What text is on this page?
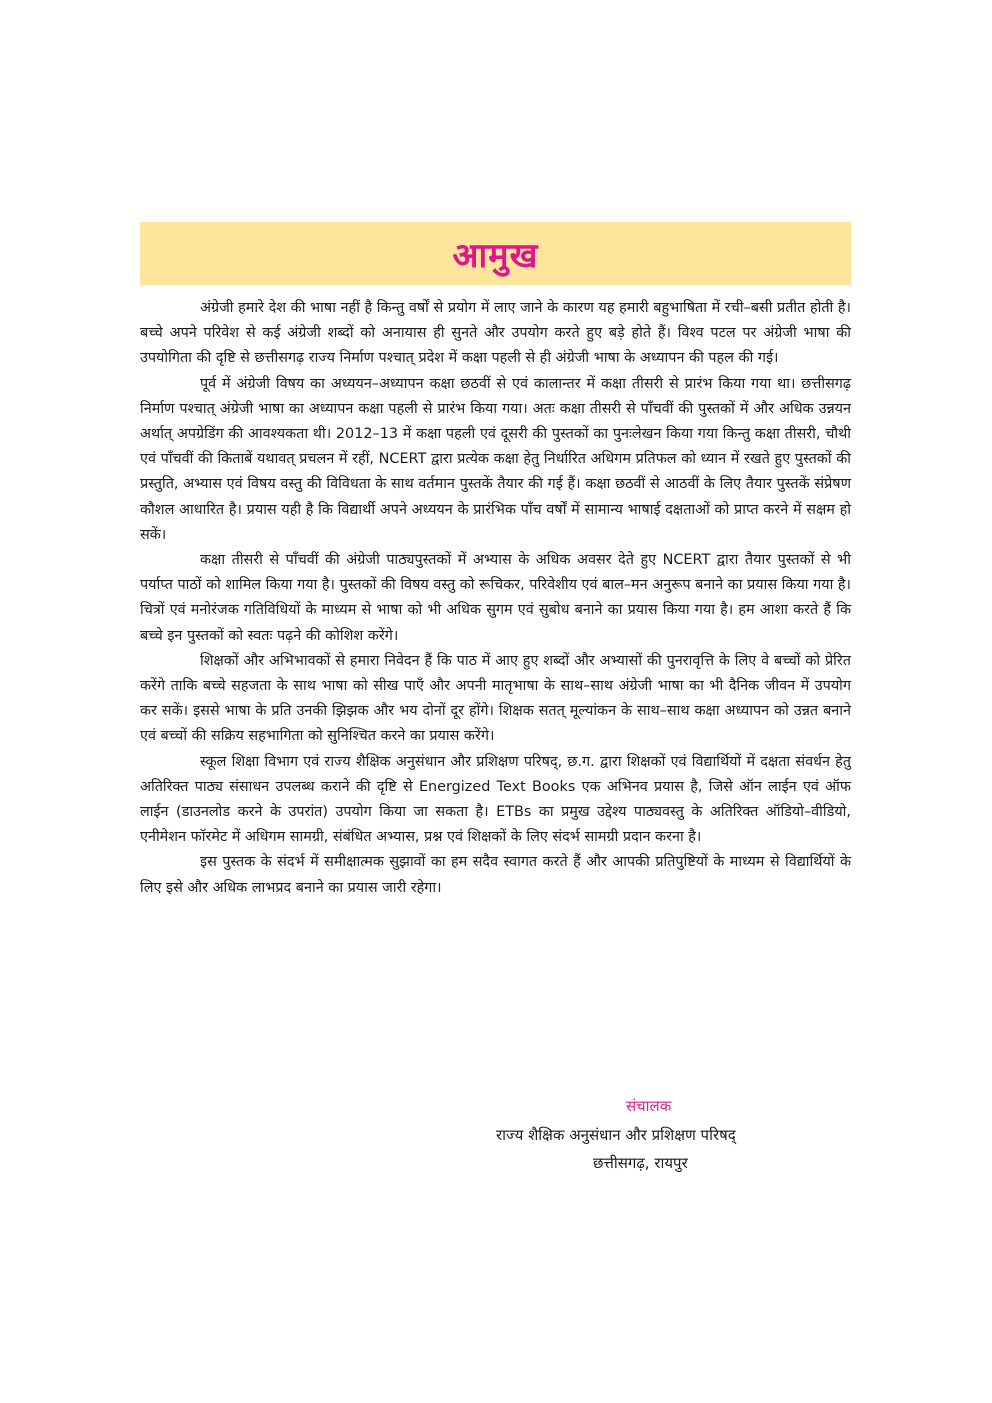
आमुख

अंग्रेजी हमारे देश की भाषा नहीं है किन्तु वर्षों से प्रयोग में लाए जाने के कारण यह हमारी बहुभाषिता में रची–बसी प्रतीत होती है। बच्चे अपने परिवेश से कई अंग्रेजी शब्दों को अनायास ही सुनते और उपयोग करते हुए बड़े होते हैं। विश्व पटल पर अंग्रेजी भाषा की उपयोगिता की दृष्टि से छत्तीसगढ़ राज्य निर्माण पश्चात् प्रदेश में कक्षा पहली से ही अंग्रेजी भाषा के अध्यापन की पहल की गई।

पूर्व में अंग्रेजी विषय का अध्ययन–अध्यापन कक्षा छठवीं से एवं कालान्तर में कक्षा तीसरी से प्रारंभ किया गया था। छत्तीसगढ़ निर्माण पश्चात् अंग्रेजी भाषा का अध्यापन कक्षा पहली से प्रारंभ किया गया। अतः कक्षा तीसरी से पाँचवीं की पुस्तकों में और अधिक उन्नयन अर्थात् अपग्रेडिंग की आवश्यकता थी। 2012–13 में कक्षा पहली एवं दूसरी की पुस्तकों का पुनःलेखन किया गया किन्तु कक्षा तीसरी, चौथी एवं पाँचवीं की किताबें यथावत् प्रचलन में रहीं, NCERT द्वारा प्रत्येक कक्षा हेतु निर्धारित अधिगम प्रतिफल को ध्यान में रखते हुए पुस्तकों की प्रस्तुति, अभ्यास एवं विषय वस्तु की विविधता के साथ वर्तमान पुस्तकें तैयार की गई हैं। कक्षा छठवीं से आठवीं के लिए तैयार पुस्तकें संप्रेषण कौशल आधारित है। प्रयास यही है कि विद्यार्थी अपने अध्ययन के प्रारंभिक पाँच वर्षों में सामान्य भाषाई दक्षताओं को प्राप्त करने में सक्षम हो सकें।

कक्षा तीसरी से पाँचवीं की अंग्रेजी पाठ्यपुस्तकों में अभ्यास के अधिक अवसर देते हुए NCERT द्वारा तैयार पुस्तकों से भी पर्याप्त पाठों को शामिल किया गया है। पुस्तकों की विषय वस्तु को रूचिकर, परिवेशीय एवं बाल–मन अनुरूप बनाने का प्रयास किया गया है। चित्रों एवं मनोरंजक गतिविधियों के माध्यम से भाषा को भी अधिक सुगम एवं सुबोध बनाने का प्रयास किया गया है। हम आशा करते हैं कि बच्चे इन पुस्तकों को स्वतः पढ़ने की कोशिश करेंगे।

शिक्षकों और अभिभावकों से हमारा निवेदन हैं कि पाठ में आए हुए शब्दों और अभ्यासों की पुनरावृत्ति के लिए वे बच्चों को प्रेरित करेंगे ताकि बच्चे सहजता के साथ भाषा को सीख पाएँ और अपनी मातृभाषा के साथ–साथ अंग्रेजी भाषा का भी दैनिक जीवन में उपयोग कर सकें। इससे भाषा के प्रति उनकी झिझक और भय दोनों दूर होंगे। शिक्षक सतत् मूल्यांकन के साथ–साथ कक्षा अध्यापन को उन्नत बनाने एवं बच्चों की सक्रिय सहभागिता को सुनिश्चित करने का प्रयास करेंगे।

स्कूल शिक्षा विभाग एवं राज्य शैक्षिक अनुसंधान और प्रशिक्षण परिषद्, छ.ग. द्वारा शिक्षकों एवं विद्यार्थियों में दक्षता संवर्धन हेतु अतिरिक्त पाठ्य संसाधन उपलब्ध कराने की दृष्टि से Energized Text Books एक अभिनव प्रयास है, जिसे ऑन लाईन एवं ऑफ लाईन (डाउनलोड करने के उपरांत) उपयोग किया जा सकता है। ETBs का प्रमुख उद्देश्य पाठ्यवस्तु के अतिरिक्त ऑडियो–वीडियो, एनीमेशन फॉरमेट में अधिगम सामग्री, संबंधित अभ्यास, प्रश्न एवं शिक्षकों के लिए संदर्भ सामग्री प्रदान करना है।

इस पुस्तक के संदर्भ में समीक्षात्मक सुझावों का हम सदैव स्वागत करते हैं और आपकी प्रतिपुष्टियों के माध्यम से विद्यार्थियों के लिए इसे और अधिक लाभप्रद बनाने का प्रयास जारी रहेगा।

संचालक
राज्य शैक्षिक अनुसंधान और प्रशिक्षण परिषद्
छत्तीसगढ़, रायपुर
